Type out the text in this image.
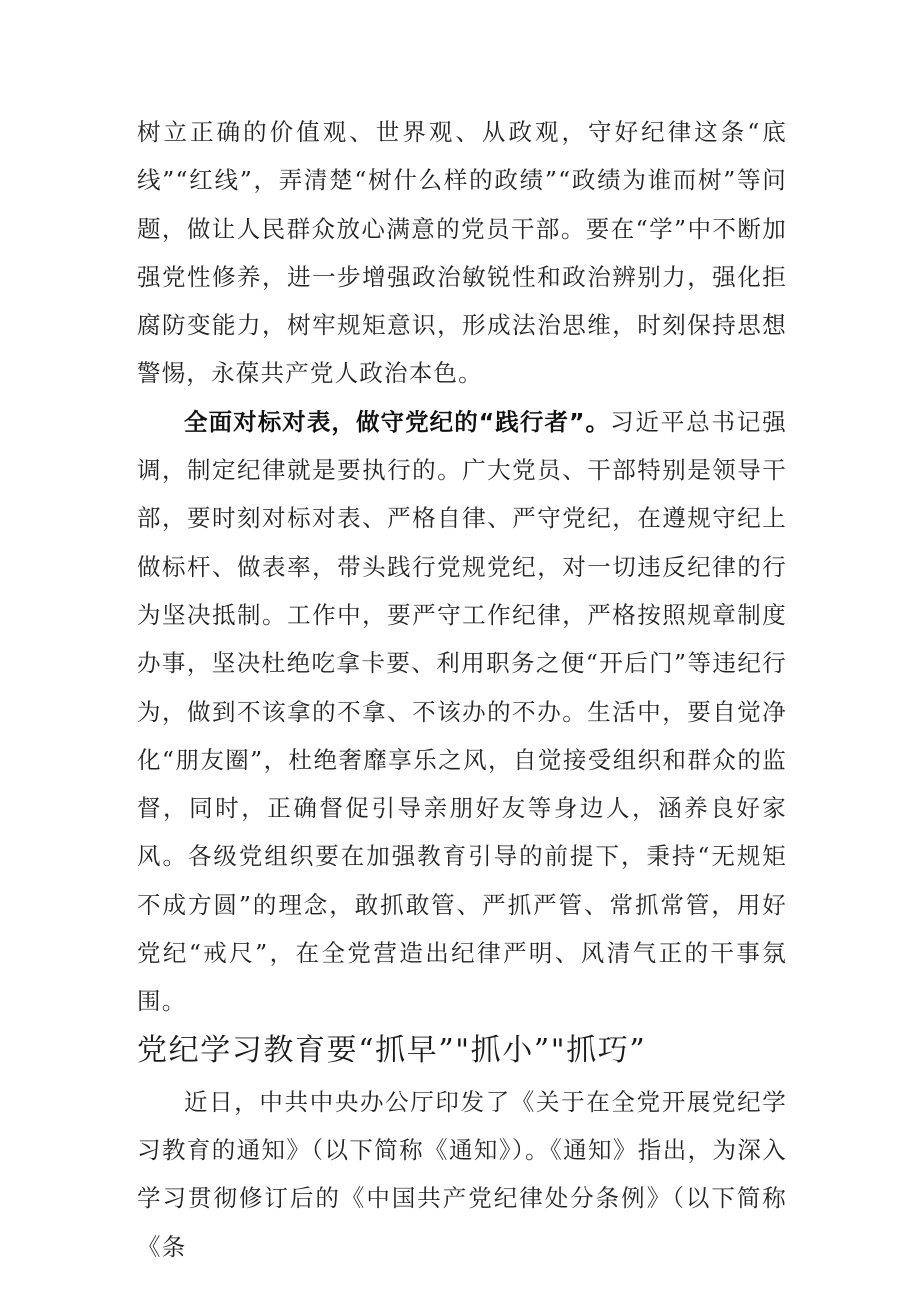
树立正确的价值观、世界观、从政观，守好纪律这条“底线”“红线”，弄清楚“树什么样的政绩”“政绩为谁而树”等问题，做让人民群众放心满意的党员干部。要在“学”中不断加强党性修养，进一步增强政治敏锐性和政治辨别力，强化拒腐防变能力，树牢规矩意识，形成法治思维，时刻保持思想警惕，永葆共产党人政治本色。

全面对标对表，做守党纪的“践行者”。习近平总书记强调，制定纪律就是要执行的。广大党员、干部特别是领导干部，要时刻对标对表、严格自律、严守党纪，在遵规守纪上做标杆、做表率，带头践行党规党纪，对一切违反纪律的行为坚决抵制。工作中，要严守工作纪律，严格按照规章制度办事，坚决杜绝吃拿卡要、利用职务之便“开后门”等违纪行为，做到不该拿的不拿、不该办的不办。生活中，要自觉净化“朋友圈”，杜绝奢靡享乐之风，自觉接受组织和群众的监督，同时，正确督促引导亲朋好友等身边人，涵养良好家风。各级党组织要在加强教育引导的前提下，秉持“无规矩不成方圆”的理念，敢抓敢管、严抓严管、常抓常管，用好党纪“戒尺”，在全党营造出纪律严明、风清气正的干事氛围。

党纪学习教育要“抓早”"抓小”"抓巧”

近日，中共中央办公厅印发了《关于在全党开展党纪学习教育的通知》（以下简称《通知》）。《通知》指出，为深入学习贯彻修订后的《中国共产党纪律处分条例》（以下简称《条
